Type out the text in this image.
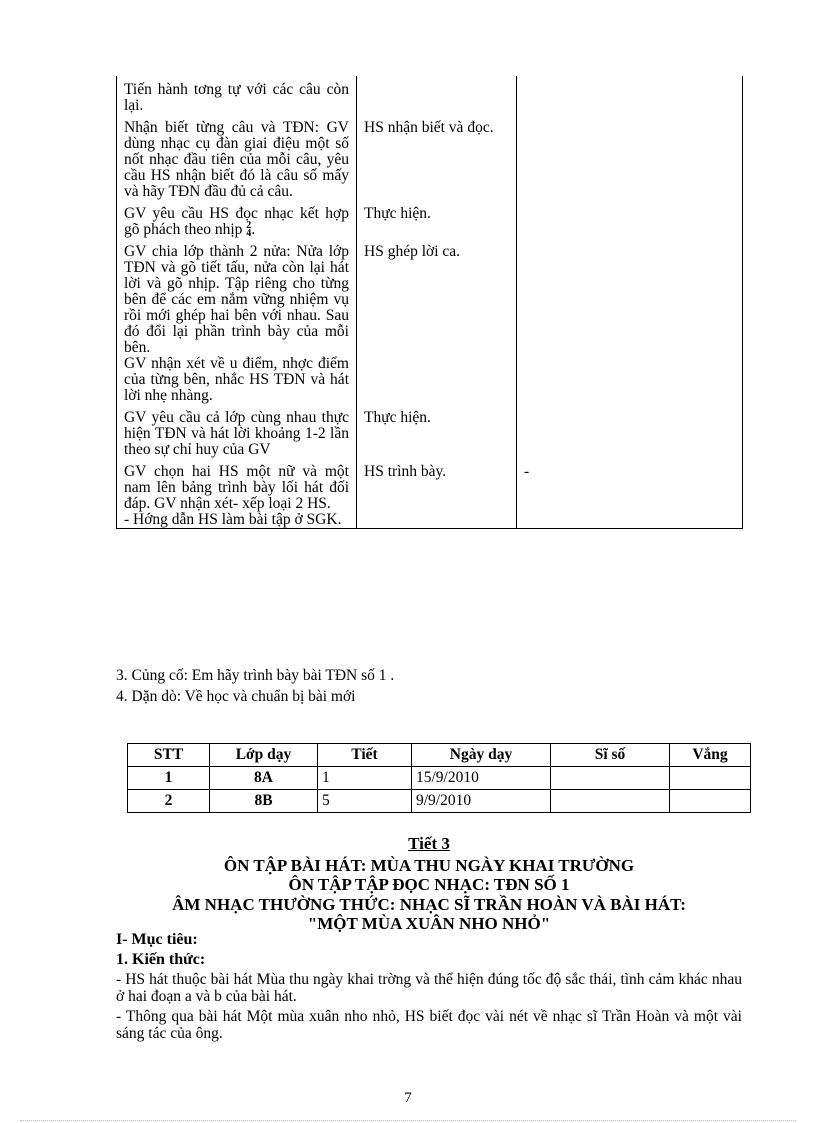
Tiến hành tơng tự với các câu còn lại.		

Nhận biết từng câu và TĐN: GV dùng nhạc cụ đàn giai điệu một số nốt nhạc đầu tiên của mỗi câu, yêu cầu HS nhận biết đó là câu số mấy và hãy TĐN đầu đủ cả câu.	HS nhận biết và đọc.	

GV yêu cầu HS đọc nhạc kết hợp gõ phách theo nhịp 2
4 .	Thực hiện.	

GV chia lớp thành 2 nửa: Nửa lớp TĐN và gõ tiết tấu, nửa còn lại hát lời và gõ nhịp. Tập riêng cho từng bên để các em nắm vững nhiệm vụ rồi mới ghép hai bên với nhau. Sau đó đổi lại phần trình bày của mỗi bên.

GV nhận xét về u điểm, nhợc điểm của từng bên, nhắc HS TĐN và hát lời nhẹ nhàng.	HS ghép lời ca.	

GV yêu cầu cả lớp cùng nhau thực hiện TĐN và hát lời khoảng 1-2 lần theo sự chỉ huy của GV	Thực hiện.	

GV chọn hai HS một nữ và một nam lên bảng trình bày lối hát đối đáp. GV nhận xét- xếp loại 2 HS.

- Hớng dẫn HS làm bài tập ở SGK.	HS trình bày.	-

3. Củng cố: Em hãy trình bày bài TĐN số 1 .

4. Dặn dò: Về học và chuẩn bị bài mới

STT	Lớp dạy	Tiết	Ngày dạy	Sĩ số	Vắng
1	8A	1	15/9/2010		
2	8B	5	9/9/2010		

Tiết 3

ÔN TẬP BÀI HÁT: MÙA THU NGÀY KHAI TRƯỜNG

ÔN TẬP TẬP ĐỌC NHẠC: TĐN SỐ 1

ÂM NHẠC THƯỜNG THỨC: NHẠC SĨ TRẦN HOÀN VÀ BÀI HÁT:

"MỘT MÙA XUÂN NHO NHỎ"

I- Mục tiêu:

1. Kiến thức:

- HS hát thuộc bài hát Mùa thu ngày khai trờng và thể hiện đúng tốc độ sắc thái, tình cảm khác nhau ở hai đoạn a và b của bài hát.

- Thông qua bài hát Một mùa xuân nho nhỏ, HS biết đọc vài nét về nhạc sĩ Trần Hoàn và một vài sáng tác của ông.

7
